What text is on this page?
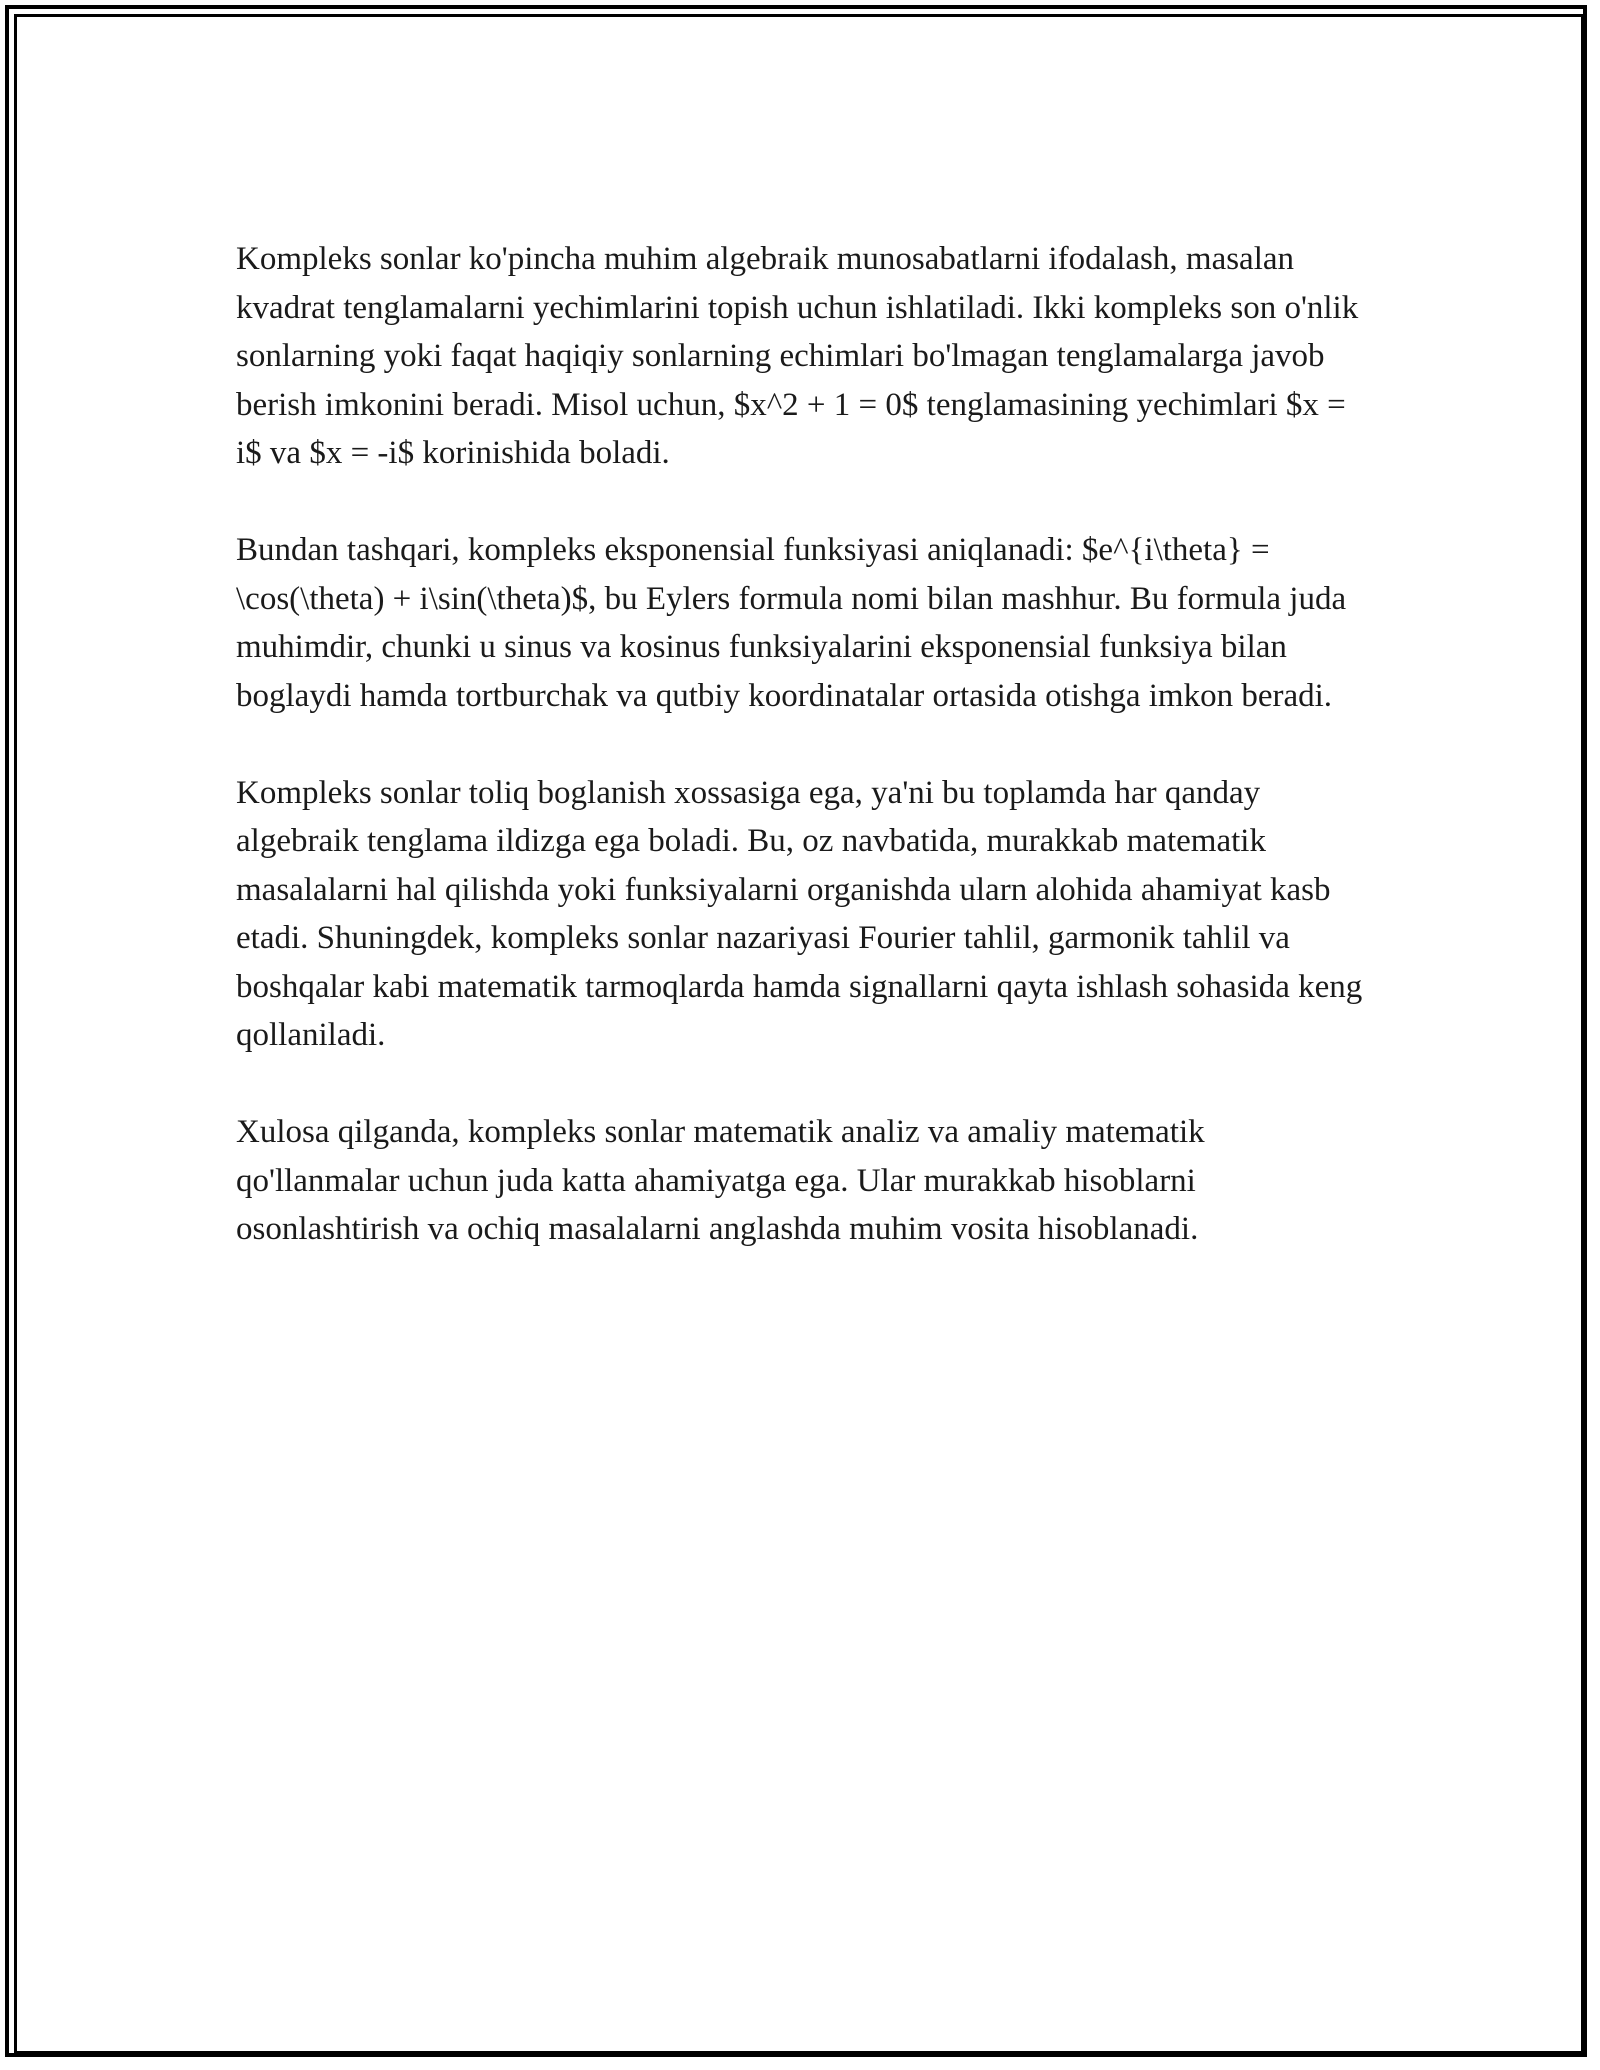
Kompleks sonlar ko'pincha muhim algebraik munosabatlarni ifodalash, masalan kvadrat tenglamalarni yechimlarini topish uchun ishlatiladi. Ikki kompleks son o'nlik sonlarning yoki faqat haqiqiy sonlarning echimlari bo'lmagan tenglamalarga javob berish imkonini beradi. Misol uchun, $x^2 + 1 = 0$ tenglamasining yechimlari $x = i$ va $x = -i$ korinishida boladi.

Bundan tashqari, kompleks eksponensial funksiyasi aniqlanadi: $e^{i\theta} = \cos(\theta) + i\sin(\theta)$, bu Eylers formula nomi bilan mashhur. Bu formula juda muhimdir, chunki u sinus va kosinus funksiyalarini eksponensial funksiya bilan boglaydi hamda tortburchak va qutbiy koordinatalar ortasida otishga imkon beradi.

Kompleks sonlar toliq boglanish xossasiga ega, ya'ni bu toplamda har qanday algebraik tenglama ildizga ega boladi. Bu, oz navbatida, murakkab matematik masalalarni hal qilishda yoki funksiyalarni organishda ularn alohida ahamiyat kasb etadi. Shuningdek, kompleks sonlar nazariyasi Fourier tahlil, garmonik tahlil va boshqalar kabi matematik tarmoqlarda hamda signallarni qayta ishlash sohasida keng qollaniladi.

Xulosa qilganda, kompleks sonlar matematik analiz va amaliy matematik qo'llanmalar uchun juda katta ahamiyatga ega. Ular murakkab hisoblarni osonlashtirish va ochiq masalalarni anglashda muhim vosita hisoblanadi.
